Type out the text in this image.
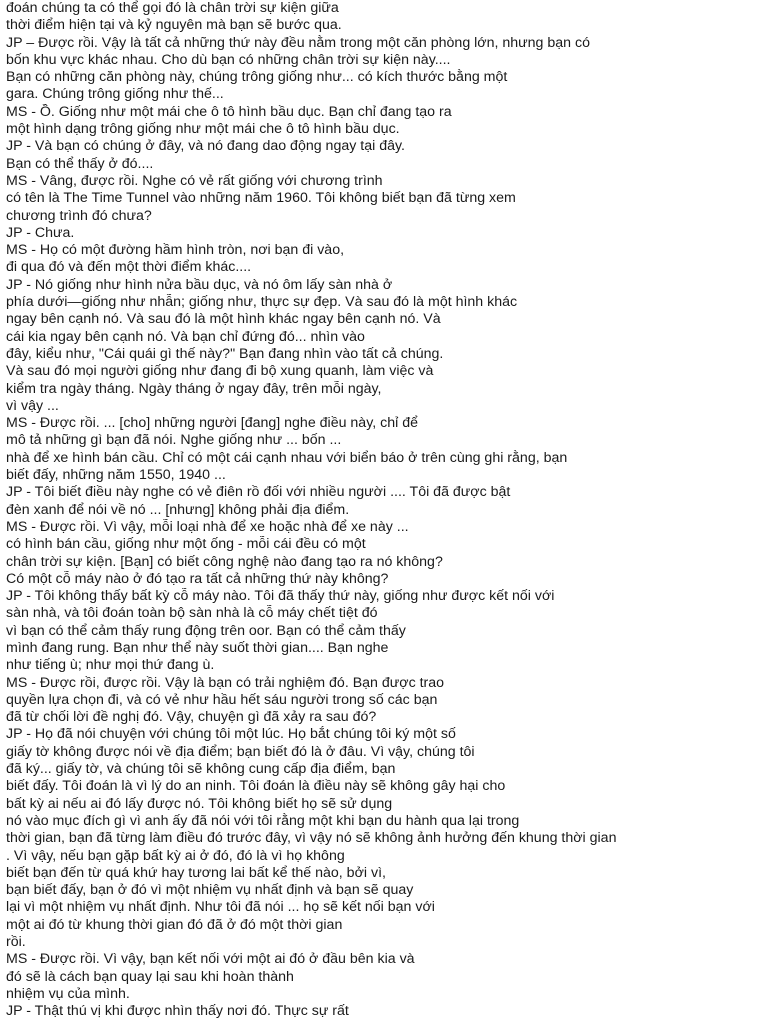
đoán chúng ta có thể gọi đó là chân trời sự kiện giữa
thời điểm hiện tại và kỷ nguyên mà bạn sẽ bước qua.
JP – Được rồi. Vậy là tất cả những thứ này đều nằm trong một căn phòng lớn, nhưng bạn có
bốn khu vực khác nhau. Cho dù bạn có những chân trời sự kiện này....
Bạn có những căn phòng này, chúng trông giống như... có kích thước bằng một
gara. Chúng trông giống như thế...
MS - Ồ. Giống như một mái che ô tô hình bầu dục. Bạn chỉ đang tạo ra
một hình dạng trông giống như một mái che ô tô hình bầu dục.
JP - Và bạn có chúng ở đây, và nó đang dao động ngay tại đây.
Bạn có thể thấy ở đó....
MS - Vâng, được rồi. Nghe có vẻ rất giống với chương trình
có tên là The Time Tunnel vào những năm 1960. Tôi không biết bạn đã từng xem
chương trình đó chưa?
JP - Chưa.
MS - Họ có một đường hầm hình tròn, nơi bạn đi vào,
đi qua đó và đến một thời điểm khác....
JP - Nó giống như hình nửa bầu dục, và nó ôm lấy sàn nhà ở
phía dưới—giống như nhẫn; giống như, thực sự đẹp. Và sau đó là một hình khác
ngay bên cạnh nó. Và sau đó là một hình khác ngay bên cạnh nó. Và
cái kia ngay bên cạnh nó. Và bạn chỉ đứng đó... nhìn vào
đây, kiểu như, "Cái quái gì thế này?" Bạn đang nhìn vào tất cả chúng.
Và sau đó mọi người giống như đang đi bộ xung quanh, làm việc và
kiểm tra ngày tháng. Ngày tháng ở ngay đây, trên mỗi ngày,
vì vậy ...
MS - Được rồi. ... [cho] những người [đang] nghe điều này, chỉ để
mô tả những gì bạn đã nói. Nghe giống như ... bốn ...
nhà để xe hình bán cầu. Chỉ có một cái cạnh nhau với biển báo ở trên cùng ghi rằng, bạn
biết đấy, những năm 1550, 1940 ...
JP - Tôi biết điều này nghe có vẻ điên rồ đối với nhiều người .... Tôi đã được bật
đèn xanh để nói về nó ... [nhưng] không phải địa điểm.
MS - Được rồi. Vì vậy, mỗi loại nhà để xe hoặc nhà để xe này ...
có hình bán cầu, giống như một ống - mỗi cái đều có một
chân trời sự kiện. [Bạn] có biết công nghệ nào đang tạo ra nó không?
Có một cỗ máy nào ở đó tạo ra tất cả những thứ này không?
JP - Tôi không thấy bất kỳ cỗ máy nào. Tôi đã thấy thứ này, giống như được kết nối với
sàn nhà, và tôi đoán toàn bộ sàn nhà là cỗ máy chết tiệt đó
vì bạn có thể cảm thấy rung động trên oor. Bạn có thể cảm thấy
mình đang rung. Bạn như thể này suốt thời gian.... Bạn nghe
như tiếng ù; như mọi thứ đang ù.
MS - Được rồi, được rồi. Vậy là bạn có trải nghiệm đó. Bạn được trao
quyền lựa chọn đi, và có vẻ như hầu hết sáu người trong số các bạn
đã từ chối lời đề nghị đó. Vậy, chuyện gì đã xảy ra sau đó?
JP - Họ đã nói chuyện với chúng tôi một lúc. Họ bắt chúng tôi ký một số
giấy tờ không được nói về địa điểm; bạn biết đó là ở đâu. Vì vậy, chúng tôi
đã ký... giấy tờ, và chúng tôi sẽ không cung cấp địa điểm, bạn
biết đấy. Tôi đoán là vì lý do an ninh. Tôi đoán là điều này sẽ không gây hại cho
bất kỳ ai nếu ai đó lấy được nó. Tôi không biết họ sẽ sử dụng
nó vào mục đích gì vì anh ấy đã nói với tôi rằng một khi bạn du hành qua lại trong
thời gian, bạn đã từng làm điều đó trước đây, vì vậy nó sẽ không ảnh hưởng đến khung thời gian
. Vì vậy, nếu bạn gặp bất kỳ ai ở đó, đó là vì họ không
biết bạn đến từ quá khứ hay tương lai bất kể thế nào, bởi vì,
bạn biết đấy, bạn ở đó vì một nhiệm vụ nhất định và bạn sẽ quay
lại vì một nhiệm vụ nhất định. Như tôi đã nói ... họ sẽ kết nối bạn với
một ai đó từ khung thời gian đó đã ở đó một thời gian
rồi.
MS - Được rồi. Vì vậy, bạn kết nối với một ai đó ở đầu bên kia và
đó sẽ là cách bạn quay lại sau khi hoàn thành
nhiệm vụ của mình.
JP - Thật thú vị khi được nhìn thấy nơi đó. Thực sự rất
